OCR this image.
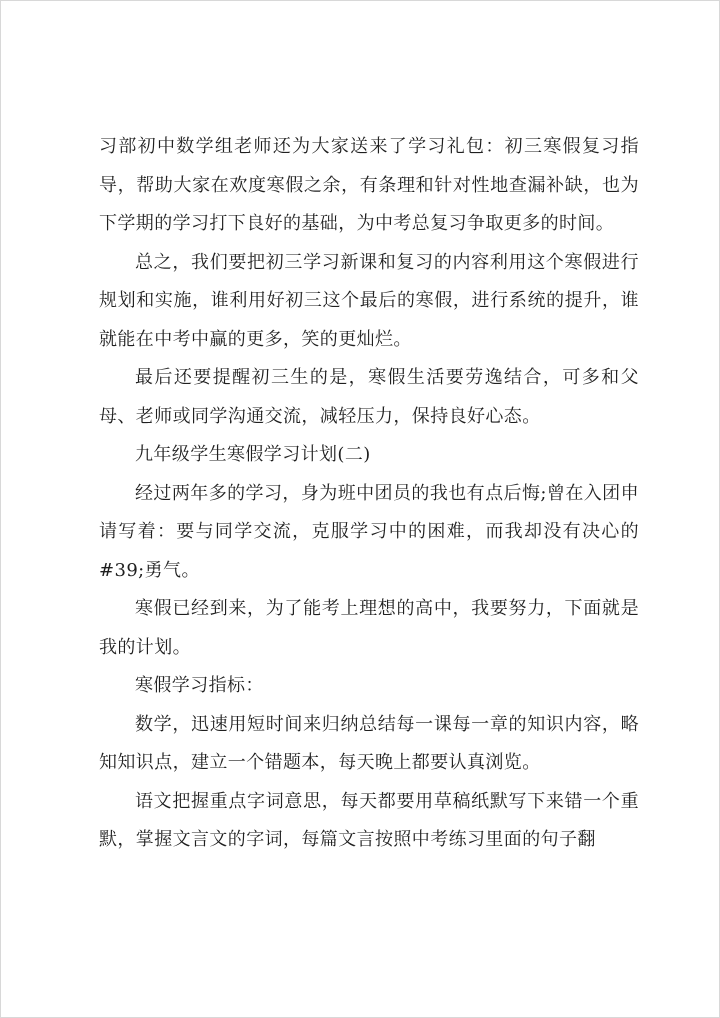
习部初中数学组老师还为大家送来了学习礼包：初三寒假复习指导，帮助大家在欢度寒假之余，有条理和针对性地查漏补缺，也为下学期的学习打下良好的基础，为中考总复习争取更多的时间。

总之，我们要把初三学习新课和复习的内容利用这个寒假进行规划和实施，谁利用好初三这个最后的寒假，进行系统的提升，谁就能在中考中赢的更多，笑的更灿烂。

最后还要提醒初三生的是，寒假生活要劳逸结合，可多和父母、老师或同学沟通交流，减轻压力，保持良好心态。

九年级学生寒假学习计划(二)

经过两年多的学习，身为班中团员的我也有点后悔;曾在入团申请写着：要与同学交流，克服学习中的困难，而我却没有决心的#39;勇气。

寒假已经到来，为了能考上理想的高中，我要努力，下面就是我的计划。

寒假学习指标：

数学，迅速用短时间来归纳总结每一课每一章的知识内容，略知知识点，建立一个错题本，每天晚上都要认真浏览。

语文把握重点字词意思，每天都要用草稿纸默写下来错一个重默，掌握文言文的字词，每篇文言按照中考练习里面的句子翻
